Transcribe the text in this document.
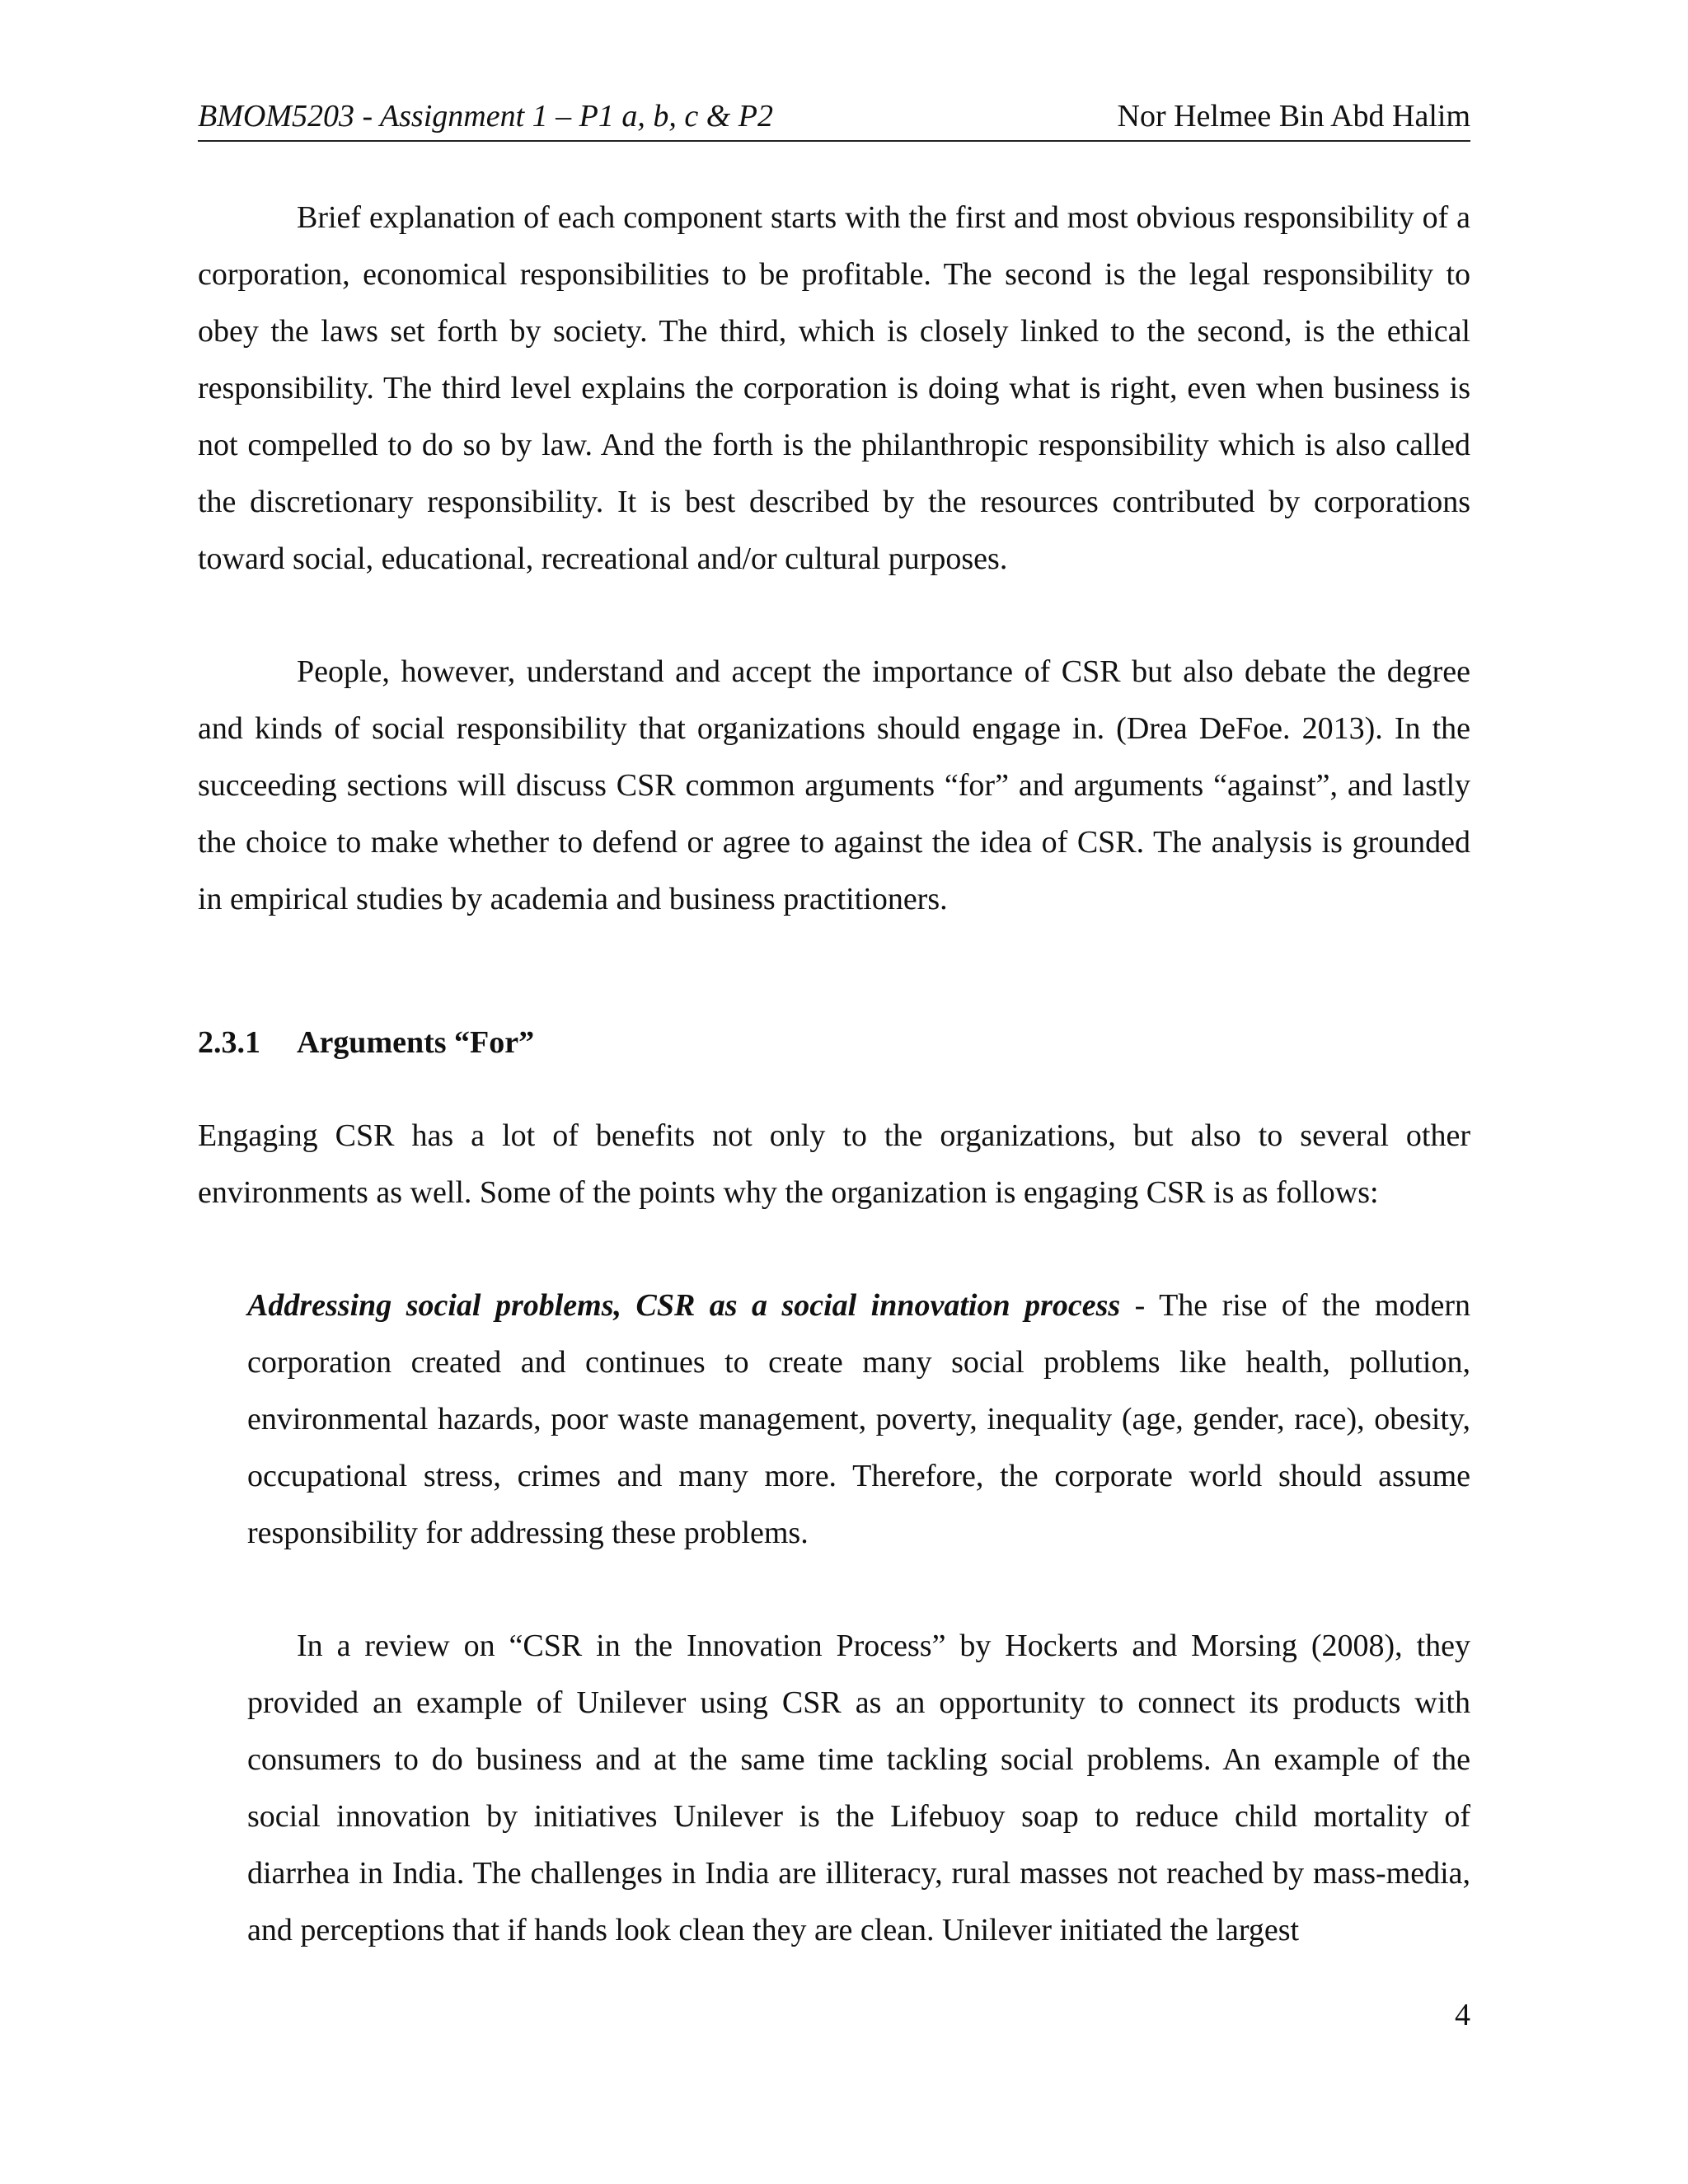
BMOM5203 - Assignment 1 – P1 a, b, c & P2	Nor Helmee Bin Abd Halim

Brief explanation of each component starts with the first and most obvious responsibility of a corporation, economical responsibilities to be profitable. The second is the legal responsibility to obey the laws set forth by society. The third, which is closely linked to the second, is the ethical responsibility. The third level explains the corporation is doing what is right, even when business is not compelled to do so by law. And the forth is the philanthropic responsibility which is also called the discretionary responsibility. It is best described by the resources contributed by corporations toward social, educational, recreational and/or cultural purposes.

People, however, understand and accept the importance of CSR but also debate the degree and kinds of social responsibility that organizations should engage in. (Drea DeFoe. 2013). In the succeeding sections will discuss CSR common arguments “for” and arguments “against”, and lastly the choice to make whether to defend or agree to against the idea of CSR. The analysis is grounded in empirical studies by academia and business practitioners.

2.3.1 Arguments “For”

Engaging CSR has a lot of benefits not only to the organizations, but also to several other environments as well. Some of the points why the organization is engaging CSR is as follows:

Addressing social problems, CSR as a social innovation process - The rise of the modern corporation created and continues to create many social problems like health, pollution, environmental hazards, poor waste management, poverty, inequality (age, gender, race), obesity, occupational stress, crimes and many more. Therefore, the corporate world should assume responsibility for addressing these problems.

In a review on “CSR in the Innovation Process” by Hockerts and Morsing (2008), they provided an example of Unilever using CSR as an opportunity to connect its products with consumers to do business and at the same time tackling social problems. An example of the social innovation by initiatives Unilever is the Lifebuoy soap to reduce child mortality of diarrhea in India. The challenges in India are illiteracy, rural masses not reached by mass-media, and perceptions that if hands look clean they are clean. Unilever initiated the largest

4
